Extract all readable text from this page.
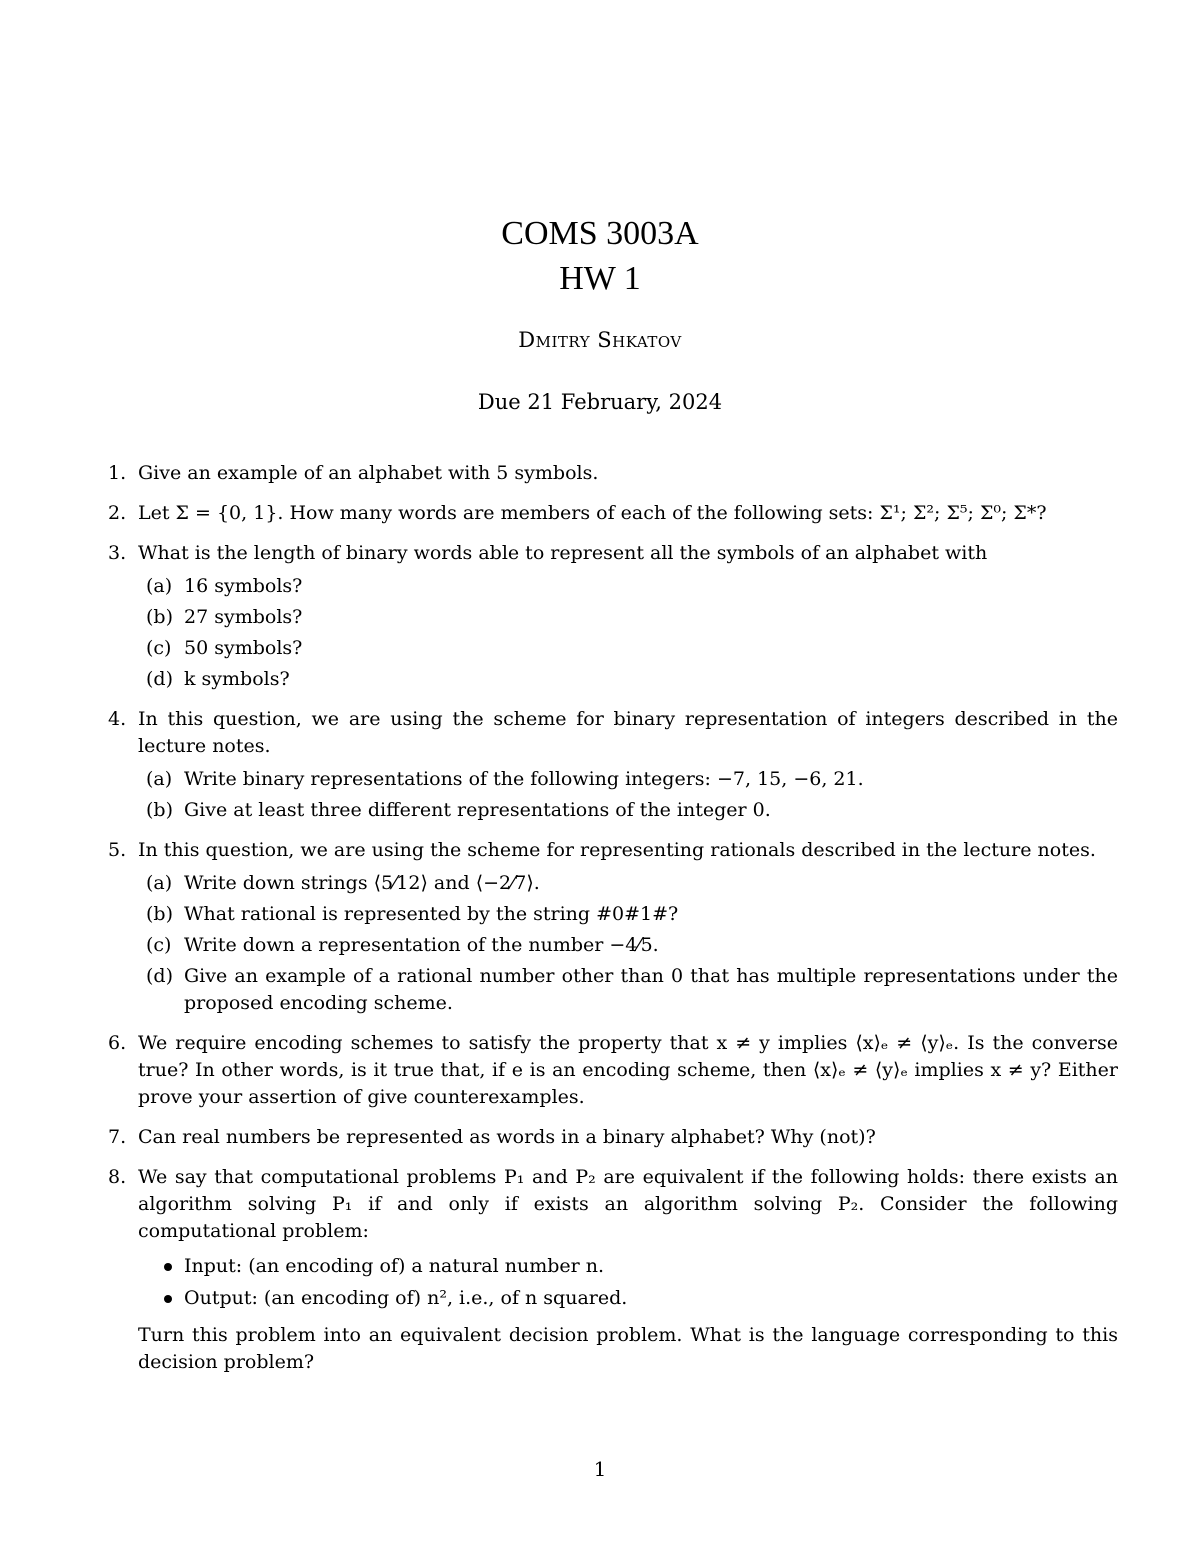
COMS 3003A
HW 1
Dmitry Shkatov
Due 21 February, 2024
1. Give an example of an alphabet with 5 symbols.
2. Let Σ = {0, 1}. How many words are members of each of the following sets: Σ¹; Σ²; Σ⁵; Σ⁰; Σ*?
3. What is the length of binary words able to represent all the symbols of an alphabet with
(a) 16 symbols?
(b) 27 symbols?
(c) 50 symbols?
(d) k symbols?
4. In this question, we are using the scheme for binary representation of integers described in the lecture notes.
(a) Write binary representations of the following integers: −7, 15, −6, 21.
(b) Give at least three different representations of the integer 0.
5. In this question, we are using the scheme for representing rationals described in the lecture notes.
(a) Write down strings ⟨5⁄12⟩ and ⟨−2⁄7⟩.
(b) What rational is represented by the string #0#1#?
(c) Write down a representation of the number −4⁄5.
(d) Give an example of a rational number other than 0 that has multiple representations under the proposed encoding scheme.
6. We require encoding schemes to satisfy the property that x ≠ y implies ⟨x⟩ₑ ≠ ⟨y⟩ₑ. Is the converse true? In other words, is it true that, if e is an encoding scheme, then ⟨x⟩ₑ ≠ ⟨y⟩ₑ implies x ≠ y? Either prove your assertion of give counterexamples.
7. Can real numbers be represented as words in a binary alphabet? Why (not)?
8. We say that computational problems P₁ and P₂ are equivalent if the following holds: there exists an algorithm solving P₁ if and only if exists an algorithm solving P₂. Consider the following computational problem:
Input: (an encoding of) a natural number n.
Output: (an encoding of) n², i.e., of n squared.
Turn this problem into an equivalent decision problem. What is the language corresponding to this decision problem?
1
